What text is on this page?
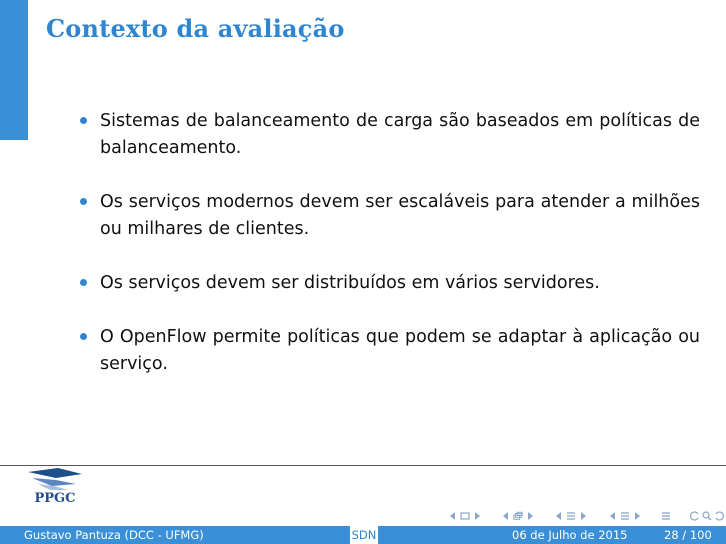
Contexto da avaliação
Sistemas de balanceamento de carga são baseados em políticas de balanceamento.
Os serviços modernos devem ser escaláveis para atender a milhões ou milhares de clientes.
Os serviços devem ser distribuídos em vários servidores.
O OpenFlow permite políticas que podem se adaptar à aplicação ou serviço.
PPGC
Gustavo Pantuza (DCC - UFMG)	SDN	06 de Julho de 2015	28 / 100
